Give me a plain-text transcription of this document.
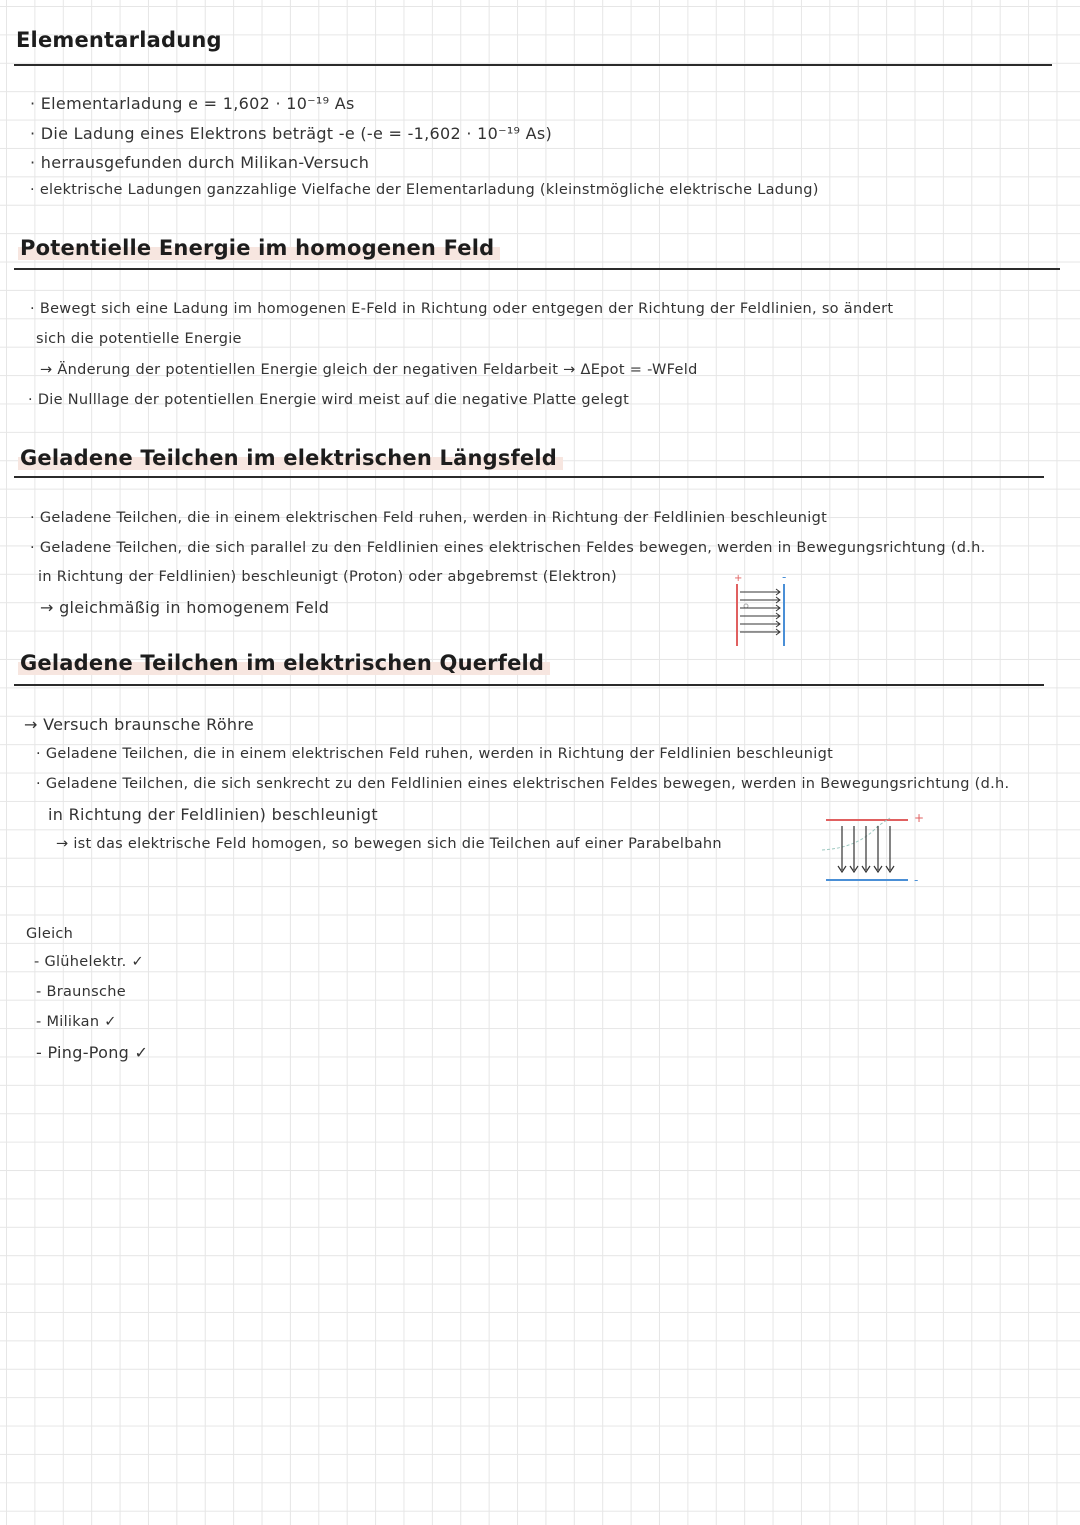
Elementarladung
· Elementarladung e = 1,602 · 10⁻¹⁹ As
· Die Ladung eines Elektrons beträgt -e (-e = -1,602 · 10⁻¹⁹ As)
· herrausgefunden durch Milikan-Versuch
· elektrische Ladungen ganzzahlige Vielfache der Elementarladung (kleinstmögliche elektrische Ladung)
Potentielle Energie im homogenen Feld
· Bewegt sich eine Ladung im homogenen E-Feld in Richtung oder entgegen der Richtung der Feldlinien, so ändert
sich die potentielle Energie
→ Änderung der potentiellen Energie gleich der negativen Feldarbeit → ΔEpot = -WFeld
· Die Nulllage der potentiellen Energie wird meist auf die negative Platte gelegt
Geladene Teilchen im elektrischen Längsfeld
· Geladene Teilchen, die in einem elektrischen Feld ruhen, werden in Richtung der Feldlinien beschleunigt
· Geladene Teilchen, die sich parallel zu den Feldlinien eines elektrischen Feldes bewegen, werden in Bewegungsrichtung (d.h.
in Richtung der Feldlinien) beschleunigt (Proton) oder abgebremst (Elektron)
→ gleichmäßig in homogenem Feld
+	-
Geladene Teilchen im elektrischen Querfeld
→ Versuch braunsche Röhre
· Geladene Teilchen, die in einem elektrischen Feld ruhen, werden in Richtung der Feldlinien beschleunigt
· Geladene Teilchen, die sich senkrecht zu den Feldlinien eines elektrischen Feldes bewegen, werden in Bewegungsrichtung (d.h.
in Richtung der Feldlinien) beschleunigt
→ ist das elektrische Feld homogen, so bewegen sich die Teilchen auf einer Parabelbahn
+
-
Gleich
- Glühelektr. ✓
- Braunsche
- Milikan ✓
- Ping-Pong ✓
